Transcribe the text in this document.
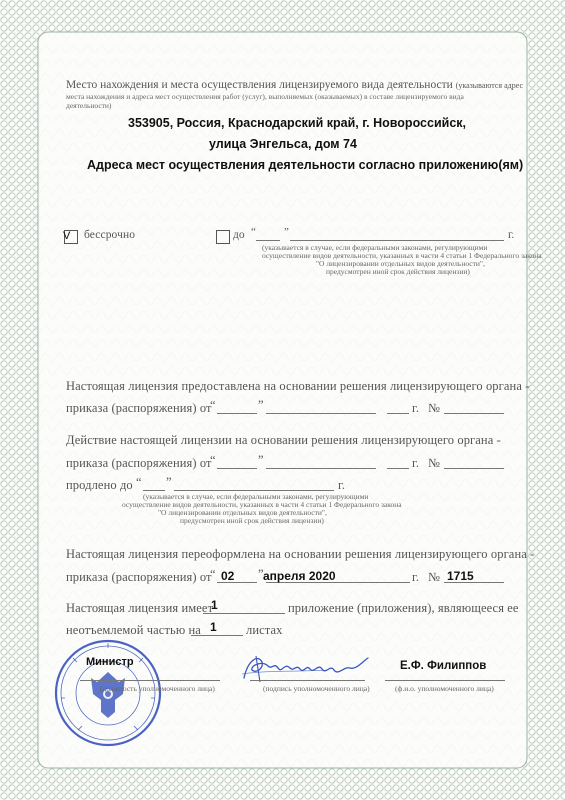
Место нахождения и места осуществления лицензируемого вида деятельности (указываются адрес
места нахождения и адреса мест осуществления работ (услуг), выполняемых (оказываемых) в составе лицензируемого вида
деятельности)
353905, Россия, Краснодарский край, г. Новороссийск,
улица Энгельса, дом 74
Адреса мест осуществления деятельности согласно приложению(ям)
V бессрочно	до “	”	г.
(указывается в случае, если федеральными законами, регулирующими
осуществление видов деятельности, указанных в части 4 статьи 1 Федерального закона
"О лицензировании отдельных видов деятельности",
предусмотрен иной срок действия лицензии)
Настоящая лицензия предоставлена на основании решения лицензирующего органа -
приказа (распоряжения) от
“	”	г. №
Действие настоящей лицензии на основании решения лицензирующего органа -
приказа (распоряжения) от
“	”	г. №
продлено до “ ”	г.
(указывается в случае, если федеральными законами, регулирующими
осуществление видов деятельности, указанных в части 4 статьи 1 Федерального закона
"О лицензировании отдельных видов деятельности",
предусмотрен иной срок действия лицензии)
Настоящая лицензия переоформлена на основании решения лицензирующего органа -
приказа (распоряжения) от
“ 02 ” апреля 2020	г. № 1715
Настоящая лицензия имеет
1	приложение (приложения), являющееся ее
неотъемлемой частью на 1 листах
Министр
(должность уполномоченного лица)	(подпись уполномоченного лица)
Е.Ф. Филиппов
(ф.и.о. уполномоченного лица)
